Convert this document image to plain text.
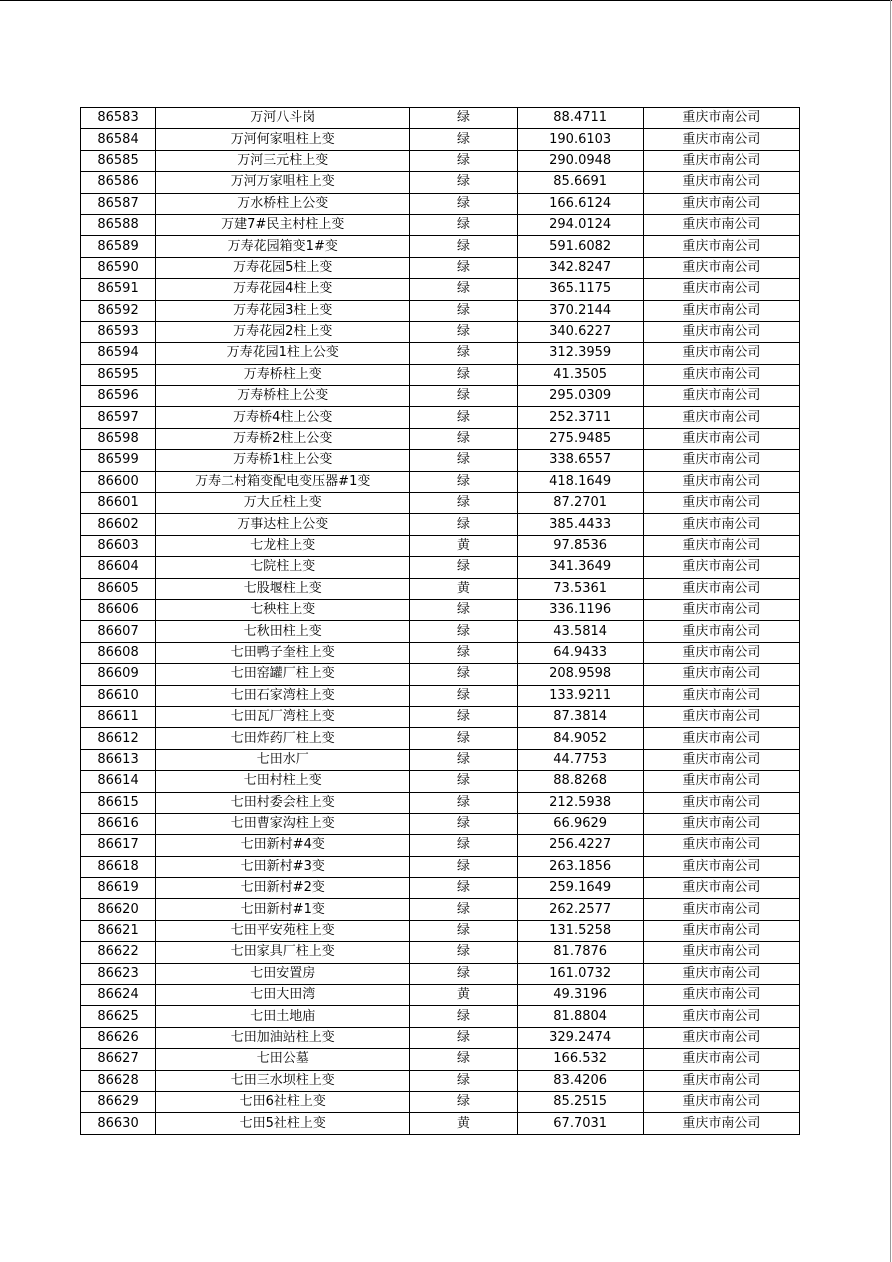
86583	万河八斗岗	绿	88.4711	重庆市南公司
86584	万河何家咀柱上变	绿	190.6103	重庆市南公司
86585	万河三元柱上变	绿	290.0948	重庆市南公司
86586	万河万家咀柱上变	绿	85.6691	重庆市南公司
86587	万水桥柱上公变	绿	166.6124	重庆市南公司
86588	万建7#民主村柱上变	绿	294.0124	重庆市南公司
86589	万寿花园箱变1#变	绿	591.6082	重庆市南公司
86590	万寿花园5柱上变	绿	342.8247	重庆市南公司
86591	万寿花园4柱上变	绿	365.1175	重庆市南公司
86592	万寿花园3柱上变	绿	370.2144	重庆市南公司
86593	万寿花园2柱上变	绿	340.6227	重庆市南公司
86594	万寿花园1柱上公变	绿	312.3959	重庆市南公司
86595	万寿桥柱上变	绿	41.3505	重庆市南公司
86596	万寿桥柱上公变	绿	295.0309	重庆市南公司
86597	万寿桥4柱上公变	绿	252.3711	重庆市南公司
86598	万寿桥2柱上公变	绿	275.9485	重庆市南公司
86599	万寿桥1柱上公变	绿	338.6557	重庆市南公司
86600	万寿二村箱变配电变压器#1变	绿	418.1649	重庆市南公司
86601	万大丘柱上变	绿	87.2701	重庆市南公司
86602	万事达柱上公变	绿	385.4433	重庆市南公司
86603	七龙柱上变	黄	97.8536	重庆市南公司
86604	七院柱上变	绿	341.3649	重庆市南公司
86605	七股堰柱上变	黄	73.5361	重庆市南公司
86606	七秧柱上变	绿	336.1196	重庆市南公司
86607	七秋田柱上变	绿	43.5814	重庆市南公司
86608	七田鸭子奎柱上变	绿	64.9433	重庆市南公司
86609	七田窑罐厂柱上变	绿	208.9598	重庆市南公司
86610	七田石家湾柱上变	绿	133.9211	重庆市南公司
86611	七田瓦厂湾柱上变	绿	87.3814	重庆市南公司
86612	七田炸药厂柱上变	绿	84.9052	重庆市南公司
86613	七田水厂	绿	44.7753	重庆市南公司
86614	七田村柱上变	绿	88.8268	重庆市南公司
86615	七田村委会柱上变	绿	212.5938	重庆市南公司
86616	七田曹家沟柱上变	绿	66.9629	重庆市南公司
86617	七田新村#4变	绿	256.4227	重庆市南公司
86618	七田新村#3变	绿	263.1856	重庆市南公司
86619	七田新村#2变	绿	259.1649	重庆市南公司
86620	七田新村#1变	绿	262.2577	重庆市南公司
86621	七田平安苑柱上变	绿	131.5258	重庆市南公司
86622	七田家具厂柱上变	绿	81.7876	重庆市南公司
86623	七田安置房	绿	161.0732	重庆市南公司
86624	七田大田湾	黄	49.3196	重庆市南公司
86625	七田土地庙	绿	81.8804	重庆市南公司
86626	七田加油站柱上变	绿	329.2474	重庆市南公司
86627	七田公墓	绿	166.532	重庆市南公司
86628	七田三水坝柱上变	绿	83.4206	重庆市南公司
86629	七田6社柱上变	绿	85.2515	重庆市南公司
86630	七田5社柱上变	黄	67.7031	重庆市南公司
